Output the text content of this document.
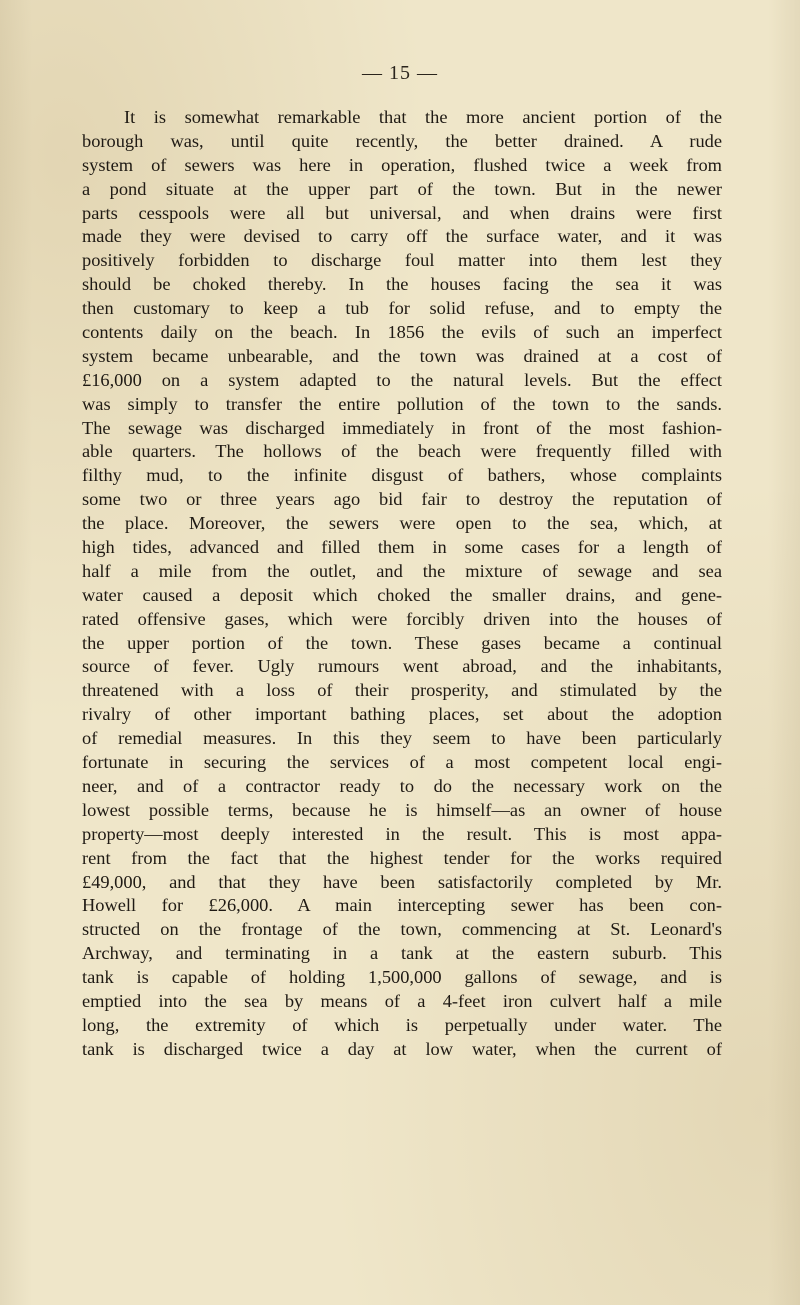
— 15 —
It is somewhat remarkable that the more ancient portion of the
borough was, until quite recently, the better drained. A rude
system of sewers was here in operation, flushed twice a week from
a pond situate at the upper part of the town. But in the newer
parts cesspools were all but universal, and when drains were first
made they were devised to carry off the surface water, and it was
positively forbidden to discharge foul matter into them lest they
should be choked thereby. In the houses facing the sea it was
then customary to keep a tub for solid refuse, and to empty the
contents daily on the beach. In 1856 the evils of such an imperfect
system became unbearable, and the town was drained at a cost of
£16,000 on a system adapted to the natural levels. But the effect
was simply to transfer the entire pollution of the town to the sands.
The sewage was discharged immediately in front of the most fashion-
able quarters. The hollows of the beach were frequently filled with
filthy mud, to the infinite disgust of bathers, whose complaints
some two or three years ago bid fair to destroy the reputation of
the place. Moreover, the sewers were open to the sea, which, at
high tides, advanced and filled them in some cases for a length of
half a mile from the outlet, and the mixture of sewage and sea
water caused a deposit which choked the smaller drains, and gene-
rated offensive gases, which were forcibly driven into the houses of
the upper portion of the town. These gases became a continual
source of fever. Ugly rumours went abroad, and the inhabitants,
threatened with a loss of their prosperity, and stimulated by the
rivalry of other important bathing places, set about the adoption
of remedial measures. In this they seem to have been particularly
fortunate in securing the services of a most competent local engi-
neer, and of a contractor ready to do the necessary work on the
lowest possible terms, because he is himself—as an owner of house
property—most deeply interested in the result. This is most appa-
rent from the fact that the highest tender for the works required
£49,000, and that they have been satisfactorily completed by Mr.
Howell for £26,000. A main intercepting sewer has been con-
structed on the frontage of the town, commencing at St. Leonard's
Archway, and terminating in a tank at the eastern suburb. This
tank is capable of holding 1,500,000 gallons of sewage, and is
emptied into the sea by means of a 4-feet iron culvert half a mile
long, the extremity of which is perpetually under water. The
tank is discharged twice a day at low water, when the current of
